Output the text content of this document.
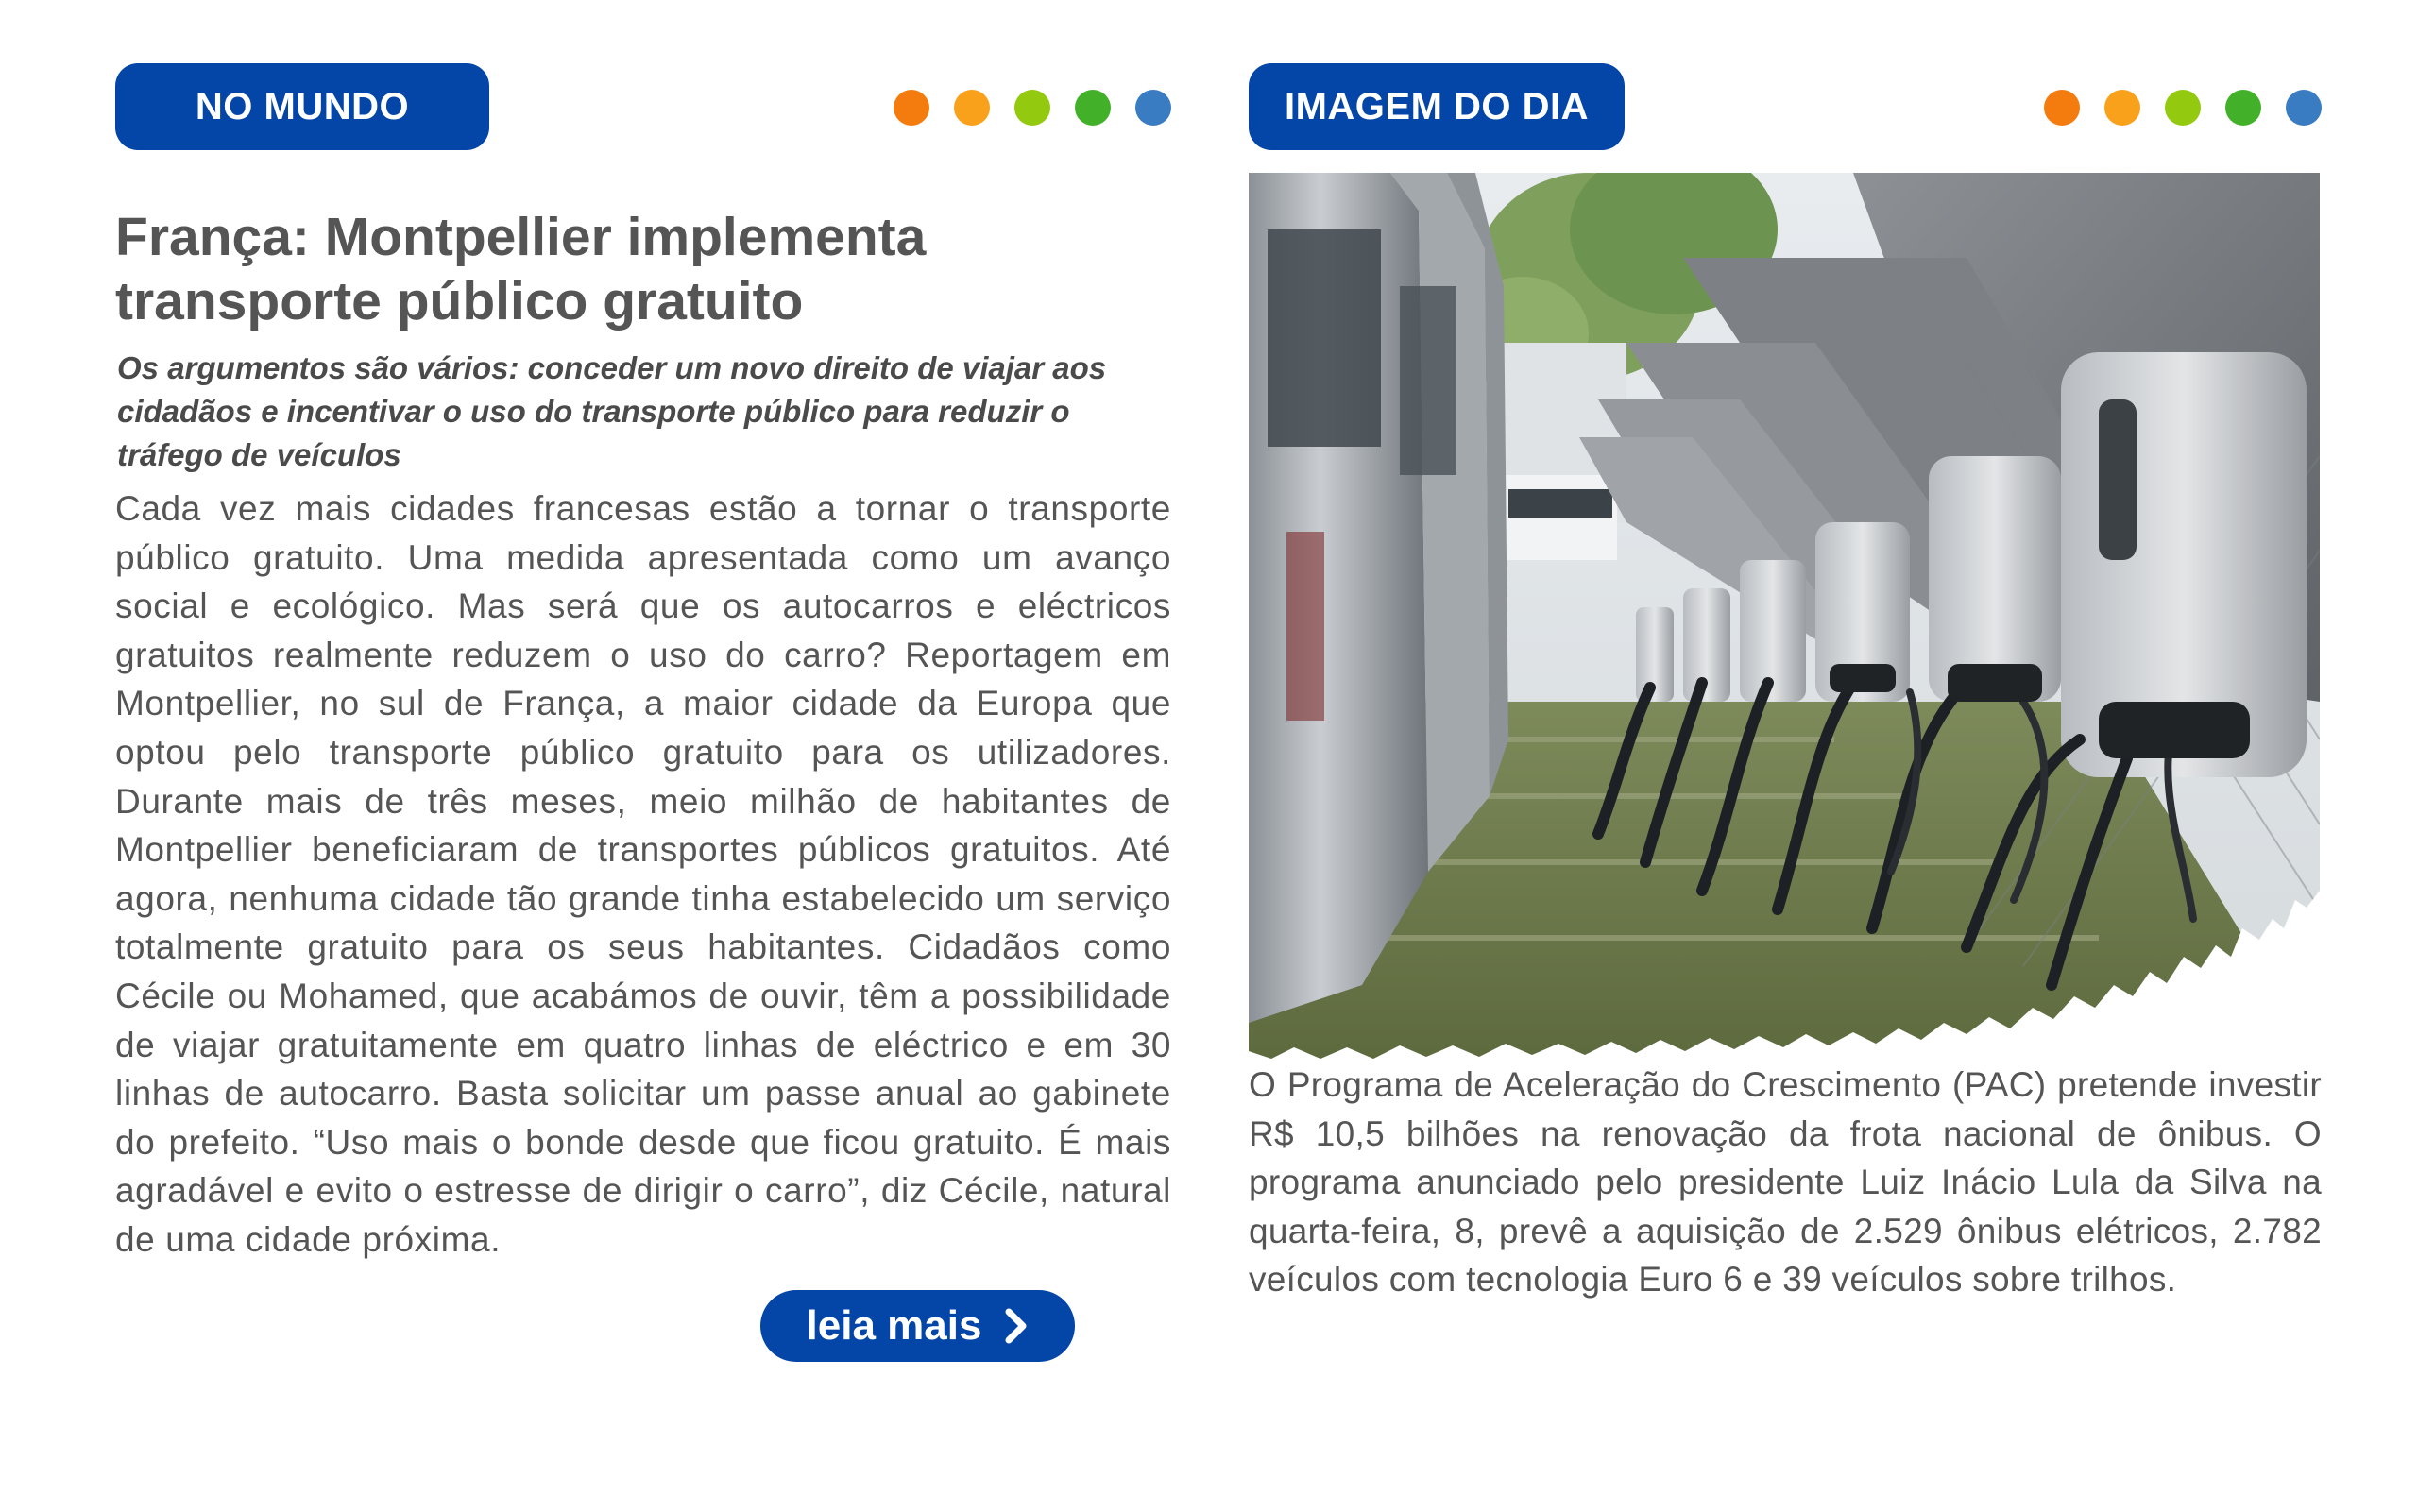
NO MUNDO
França: Montpellier implementa transporte público gratuito

Os argumentos são vários: conceder um novo direito de viajar aos cidadãos e incentivar o uso do transporte público para reduzir o tráfego de veículos

Cada vez mais cidades francesas estão a tornar o transporte público gratuito. Uma medida apresentada como um avanço social e ecológico. Mas será que os autocarros e eléctricos gratuitos realmente reduzem o uso do carro? Reportagem em Montpellier, no sul de França, a maior cidade da Europa que optou pelo transporte público gratuito para os utilizadores. Durante mais de três meses, meio milhão de habitantes de Montpellier beneficiaram de transportes públicos gratuitos. Até agora, nenhuma cidade tão grande tinha estabelecido um serviço totalmente gratuito para os seus habitantes. Cidadãos como Cécile ou Mohamed, que acabámos de ouvir, têm a possibilidade de viajar gratuitamente em quatro linhas de eléctrico e em 30 linhas de autocarro. Basta solicitar um passe anual ao gabinete do prefeito. “Uso mais o bonde desde que ficou gratuito. É mais agradável e evito o estresse de dirigir o carro”, diz Cécile, natural de uma cidade próxima.

leia mais
IMAGEM DO DIA

O Programa de Aceleração do Crescimento (PAC) pretende investir R$ 10,5 bilhões na renovação da frota nacional de ônibus. O programa anunciado pelo presidente Luiz Inácio Lula da Silva na quarta-feira, 8, prevê a aquisição de 2.529 ônibus elétricos, 2.782 veículos com tecnologia Euro 6 e 39 veículos sobre trilhos.
